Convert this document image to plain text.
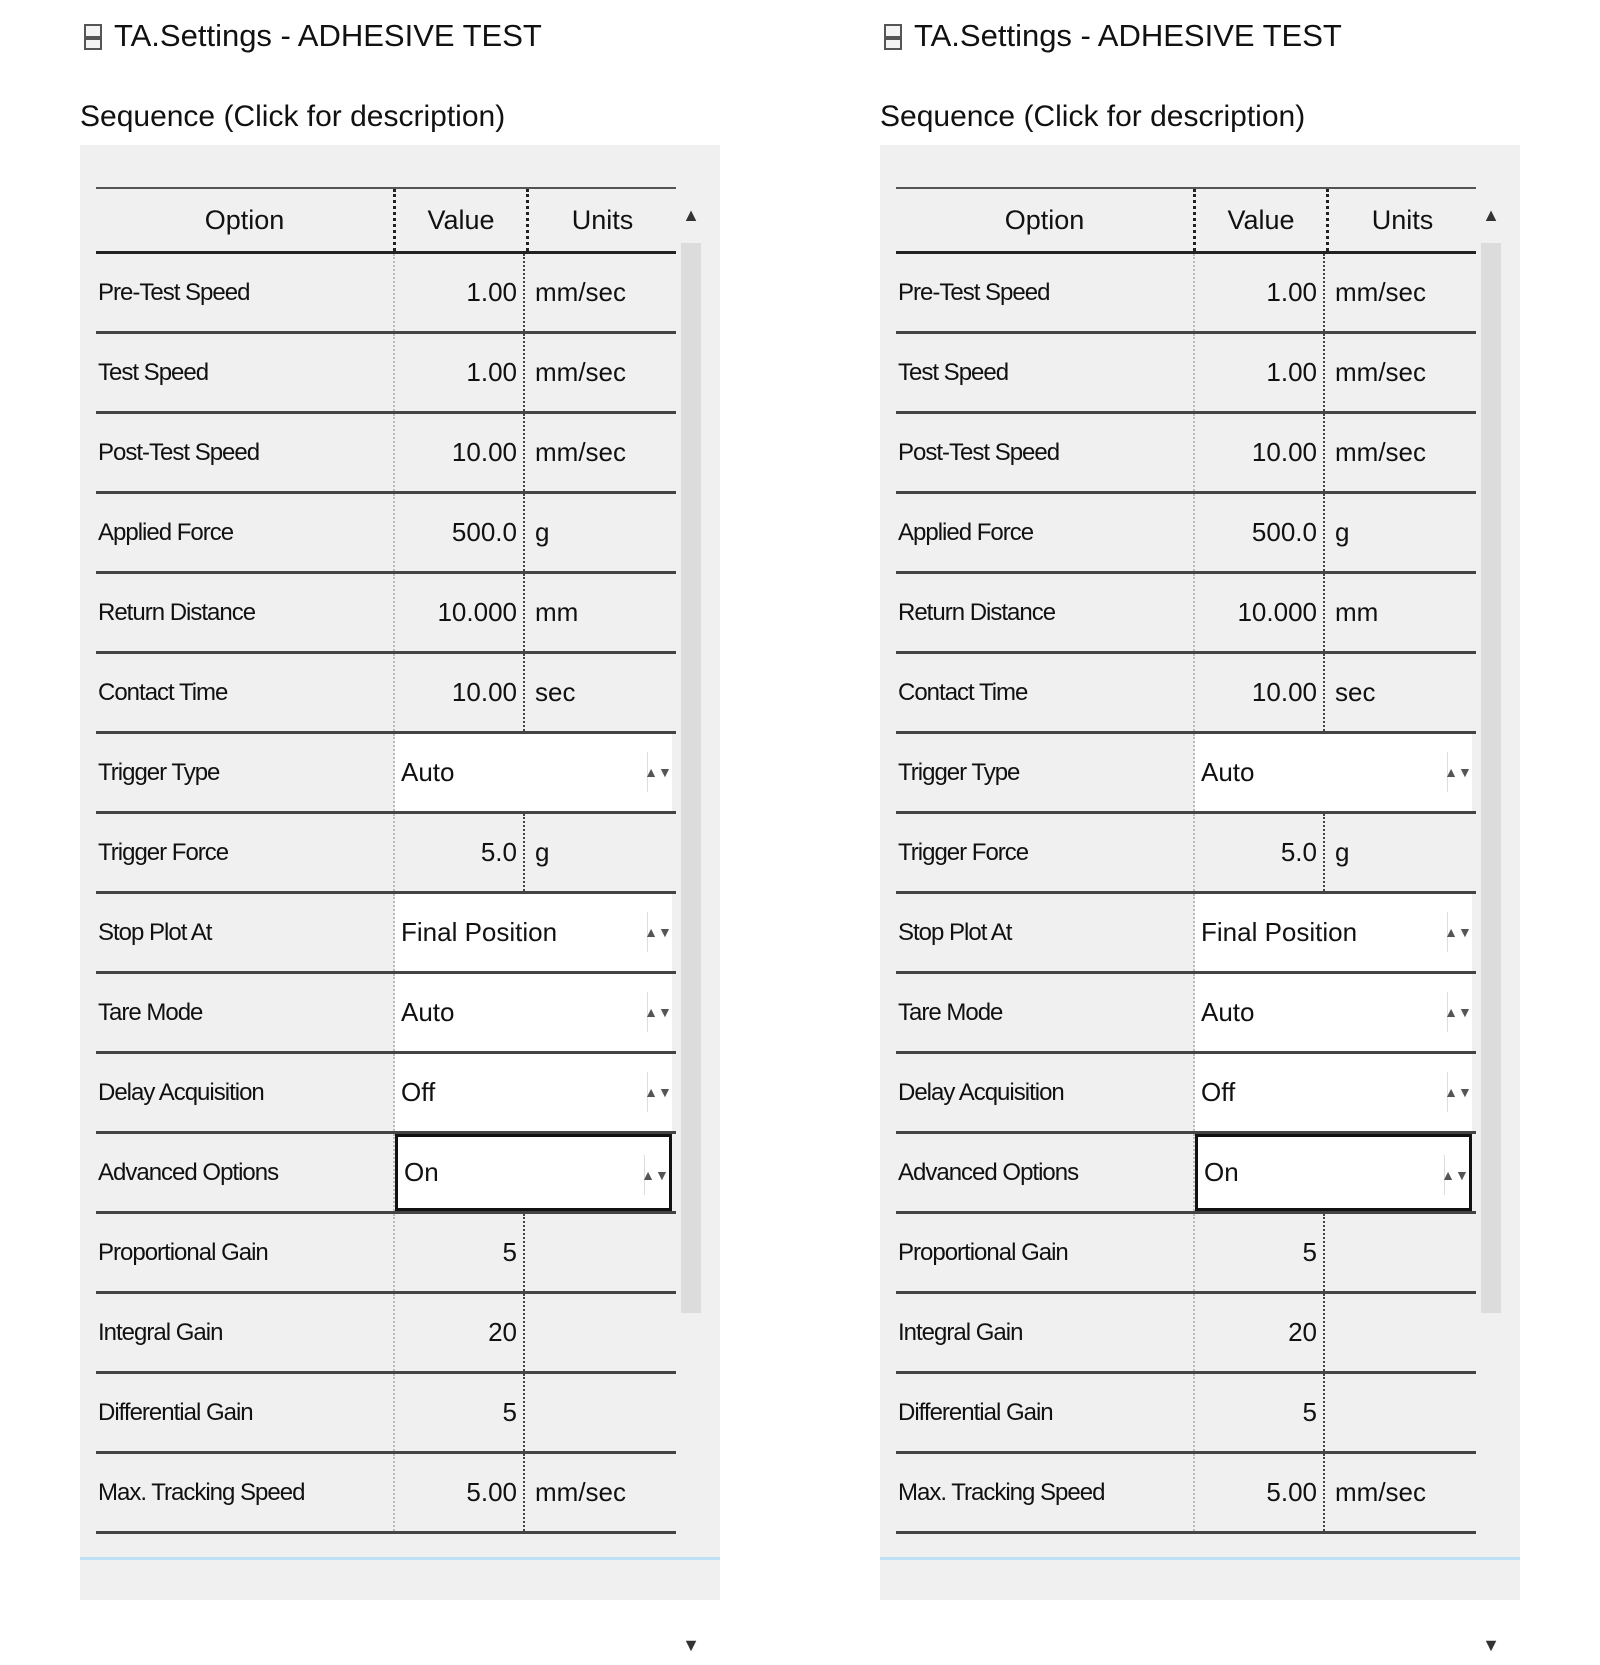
TA.Settings - ADHESIVE TEST
Sequence (Click for description)
Option	Value	Units
Pre-Test Speed	1.00 mm/sec
Test Speed	1.00 mm/sec
Post-Test Speed	10.00 mm/sec
Applied Force	500.0 g
Return Distance	10.000 mm
Contact Time	10.00 sec
Trigger Type	Auto	▲▼
Trigger Force	5.0 g
Stop Plot At	Final Position	▲▼
Tare Mode	Auto	▲▼
Delay Acquisition	Off	▲▼
Advanced Options	On	▲▼
Proportional Gain	5
Integral Gain	20
Differential Gain	5
Max. Tracking Speed	5.00 mm/sec
▲
▼
TA.Settings - ADHESIVE TEST
Sequence (Click for description)
Option	Value	Units
Pre-Test Speed	1.00 mm/sec
Test Speed	1.00 mm/sec
Post-Test Speed	10.00 mm/sec
Applied Force	500.0 g
Return Distance	10.000 mm
Contact Time	10.00 sec
Trigger Type	Auto	▲▼
Trigger Force	5.0 g
Stop Plot At	Final Position	▲▼
Tare Mode	Auto	▲▼
Delay Acquisition	Off	▲▼
Advanced Options	On	▲▼
Proportional Gain	5
Integral Gain	20
Differential Gain	5
Max. Tracking Speed	5.00 mm/sec
▲
▼
